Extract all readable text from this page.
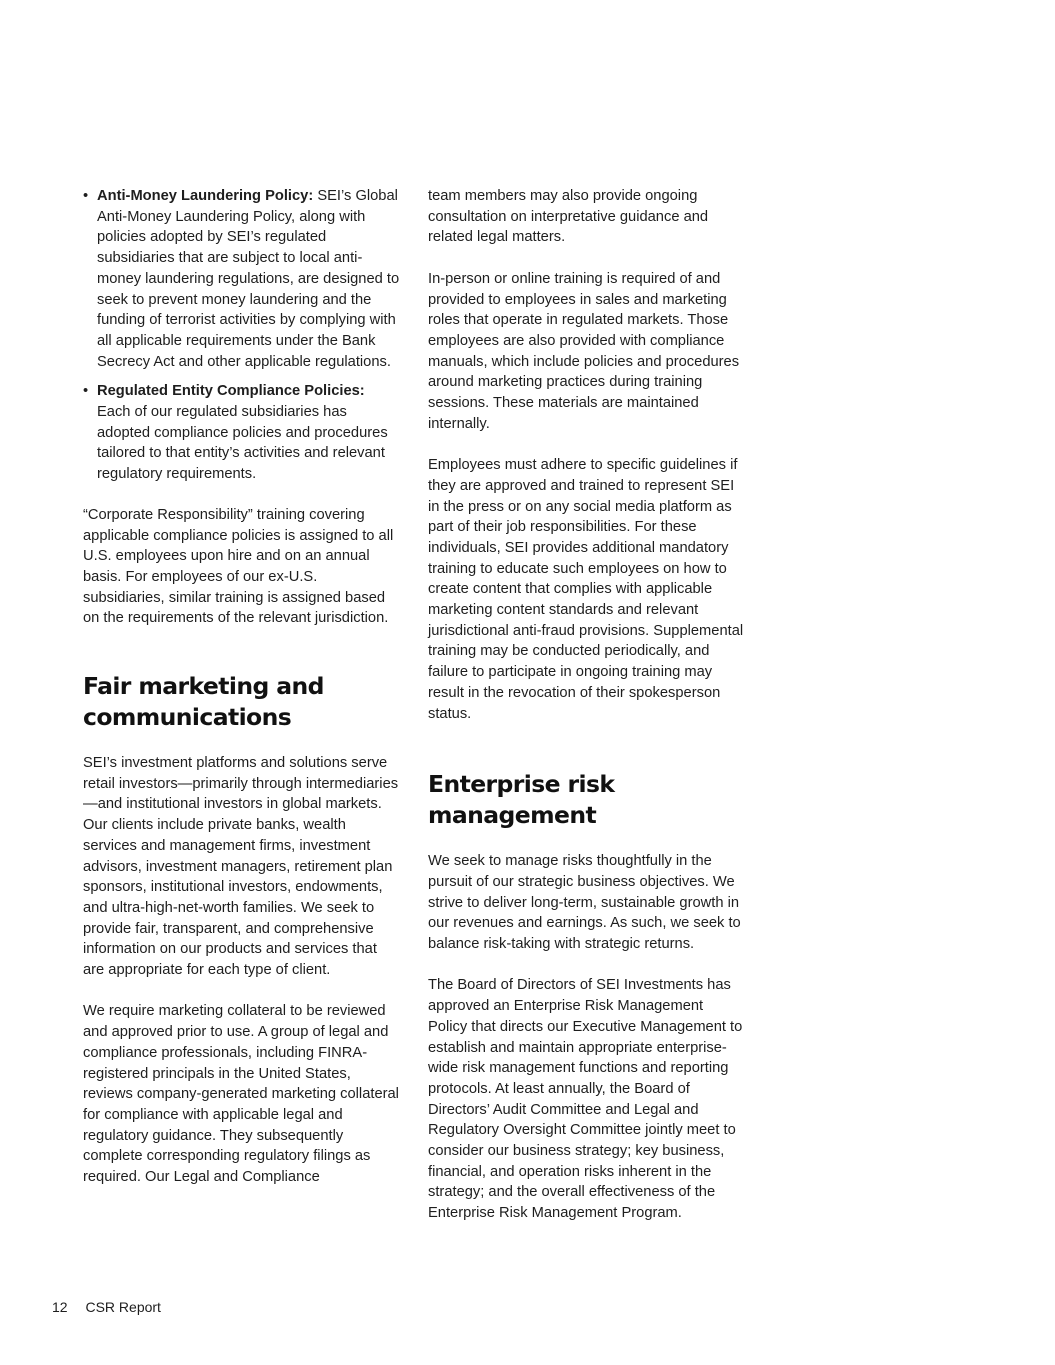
• Anti-Money Laundering Policy: SEI’s Global Anti-Money Laundering Policy, along with policies adopted by SEI’s regulated subsidiaries that are subject to local anti-money laundering regulations, are designed to seek to prevent money laundering and the funding of terrorist activities by complying with all applicable requirements under the Bank Secrecy Act and other applicable regulations.
• Regulated Entity Compliance Policies: Each of our regulated subsidiaries has adopted compliance policies and procedures tailored to that entity’s activities and relevant regulatory requirements.

“Corporate Responsibility” training covering applicable compliance policies is assigned to all U.S. employees upon hire and on an annual basis. For employees of our ex-U.S. subsidiaries, similar training is assigned based on the requirements of the relevant jurisdiction.

Fair marketing and communications

SEI’s investment platforms and solutions serve retail investors—primarily through intermediaries—and institutional investors in global markets. Our clients include private banks, wealth services and management firms, investment advisors, investment managers, retirement plan sponsors, institutional investors, endowments, and ultra-high-net-worth families. We seek to provide fair, transparent, and comprehensive information on our products and services that are appropriate for each type of client.

We require marketing collateral to be reviewed and approved prior to use. A group of legal and compliance professionals, including FINRA-registered principals in the United States, reviews company-generated marketing collateral for compliance with applicable legal and regulatory guidance. They subsequently complete corresponding regulatory filings as required. Our Legal and Compliance

team members may also provide ongoing consultation on interpretative guidance and related legal matters.

In-person or online training is required of and provided to employees in sales and marketing roles that operate in regulated markets. Those employees are also provided with compliance manuals, which include policies and procedures around marketing practices during training sessions. These materials are maintained internally.

Employees must adhere to specific guidelines if they are approved and trained to represent SEI in the press or on any social media platform as part of their job responsibilities. For these individuals, SEI provides additional mandatory training to educate such employees on how to create content that complies with applicable marketing content standards and relevant jurisdictional anti-fraud provisions. Supplemental training may be conducted periodically, and failure to participate in ongoing training may result in the revocation of their spokesperson status.

Enterprise risk management

We seek to manage risks thoughtfully in the pursuit of our strategic business objectives. We strive to deliver long-term, sustainable growth in our revenues and earnings. As such, we seek to balance risk-taking with strategic returns.

The Board of Directors of SEI Investments has approved an Enterprise Risk Management Policy that directs our Executive Management to establish and maintain appropriate enterprise-wide risk management functions and reporting protocols. At least annually, the Board of Directors’ Audit Committee and Legal and Regulatory Oversight Committee jointly meet to consider our business strategy; key business, financial, and operation risks inherent in the strategy; and the overall effectiveness of the Enterprise Risk Management Program.

12 CSR Report
